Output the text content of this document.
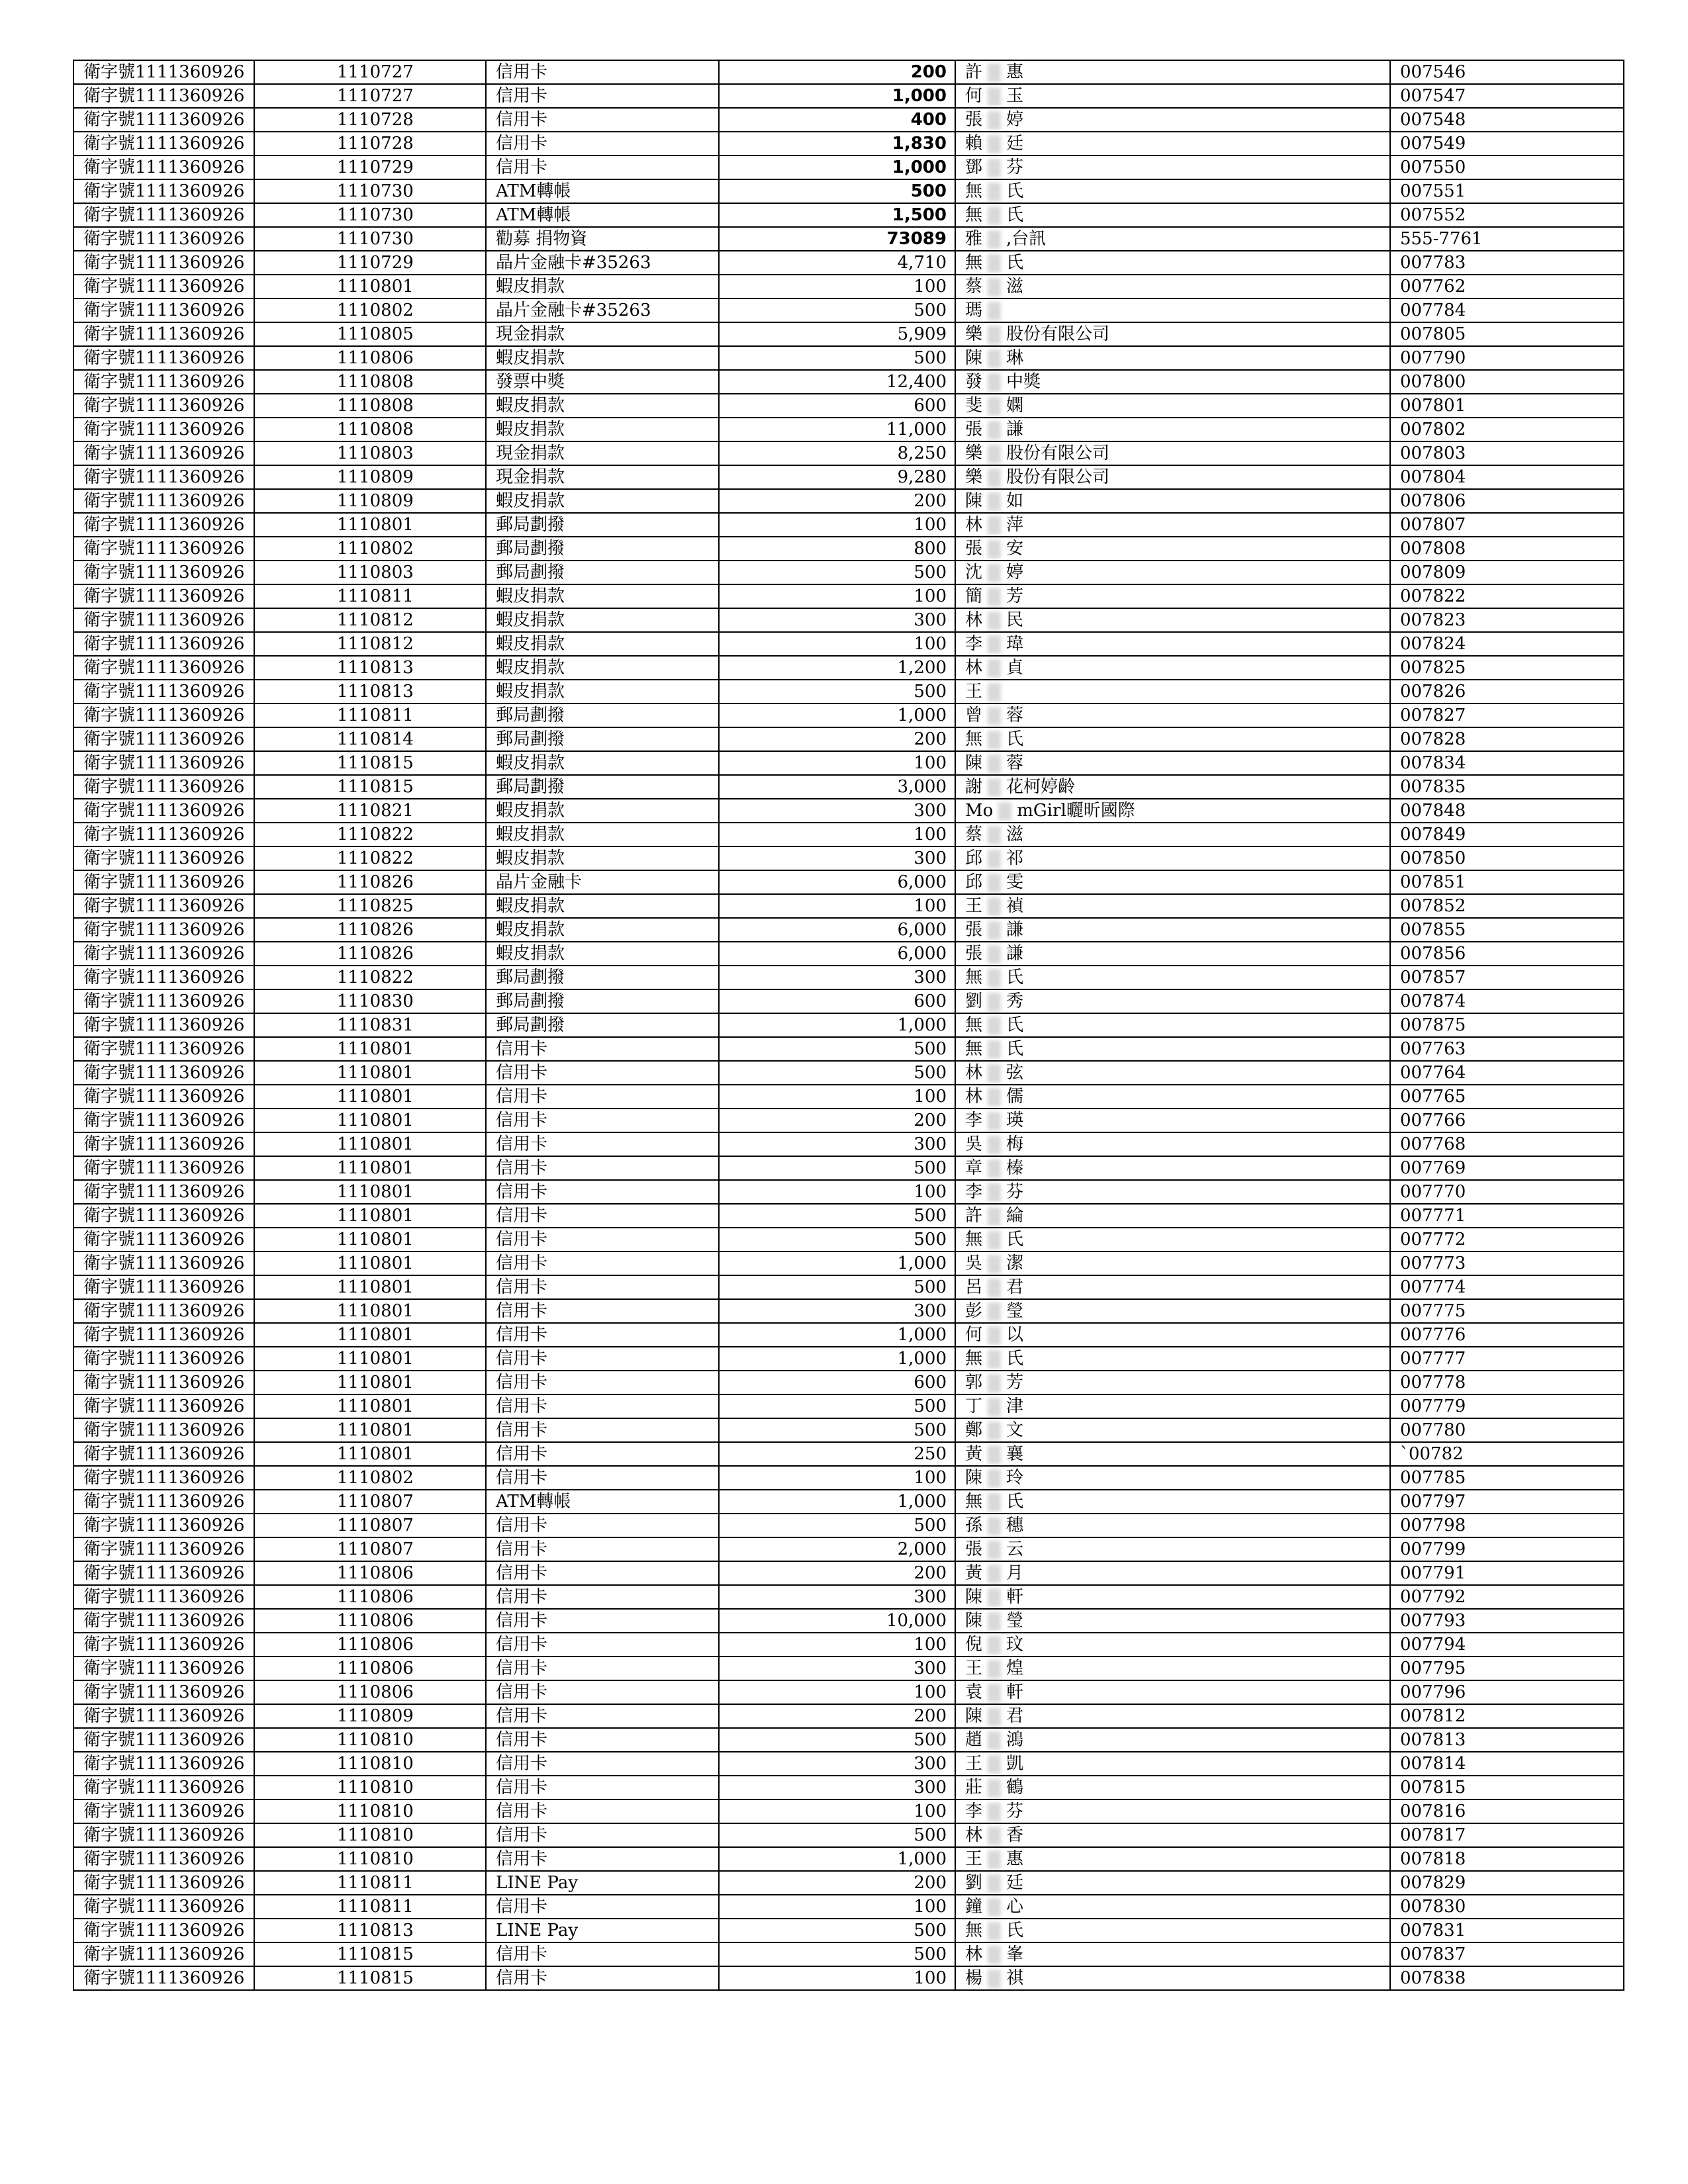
衛字號1111360926	1110727	信用卡	200	許 惠	007546
衛字號1111360926	1110727	信用卡	1,000	何 玉	007547
衛字號1111360926	1110728	信用卡	400	張 婷	007548
衛字號1111360926	1110728	信用卡	1,830	賴 廷	007549
衛字號1111360926	1110729	信用卡	1,000	鄧 芬	007550
衛字號1111360926	1110730	ATM轉帳	500	無 氏	007551
衛字號1111360926	1110730	ATM轉帳	1,500	無 氏	007552
衛字號1111360926	1110730	勸募 捐物資	73089	雅 ,台訊	555-7761
衛字號1111360926	1110729	晶片金融卡#35263	4,710	無 氏	007783
衛字號1111360926	1110801	蝦皮捐款	100	蔡 滋	007762
衛字號1111360926	1110802	晶片金融卡#35263	500	瑪	007784
衛字號1111360926	1110805	現金捐款	5,909	樂 股份有限公司	007805
衛字號1111360926	1110806	蝦皮捐款	500	陳 琳	007790
衛字號1111360926	1110808	發票中獎	12,400	發 中獎	007800
衛字號1111360926	1110808	蝦皮捐款	600	斐 嫻	007801
衛字號1111360926	1110808	蝦皮捐款	11,000	張 謙	007802
衛字號1111360926	1110803	現金捐款	8,250	樂 股份有限公司	007803
衛字號1111360926	1110809	現金捐款	9,280	樂 股份有限公司	007804
衛字號1111360926	1110809	蝦皮捐款	200	陳 如	007806
衛字號1111360926	1110801	郵局劃撥	100	林 萍	007807
衛字號1111360926	1110802	郵局劃撥	800	張 安	007808
衛字號1111360926	1110803	郵局劃撥	500	沈 婷	007809
衛字號1111360926	1110811	蝦皮捐款	100	簡 芳	007822
衛字號1111360926	1110812	蝦皮捐款	300	林 民	007823
衛字號1111360926	1110812	蝦皮捐款	100	李 瑋	007824
衛字號1111360926	1110813	蝦皮捐款	1,200	林 貞	007825
衛字號1111360926	1110813	蝦皮捐款	500	王	007826
衛字號1111360926	1110811	郵局劃撥	1,000	曾 蓉	007827
衛字號1111360926	1110814	郵局劃撥	200	無 氏	007828
衛字號1111360926	1110815	蝦皮捐款	100	陳 蓉	007834
衛字號1111360926	1110815	郵局劃撥	3,000	謝 花柯婷齡	007835
衛字號1111360926	1110821	蝦皮捐款	300	Mo mGirl曬昕國際	007848
衛字號1111360926	1110822	蝦皮捐款	100	蔡 滋	007849
衛字號1111360926	1110822	蝦皮捐款	300	邱 祁	007850
衛字號1111360926	1110826	晶片金融卡	6,000	邱 雯	007851
衛字號1111360926	1110825	蝦皮捐款	100	王 禎	007852
衛字號1111360926	1110826	蝦皮捐款	6,000	張 謙	007855
衛字號1111360926	1110826	蝦皮捐款	6,000	張 謙	007856
衛字號1111360926	1110822	郵局劃撥	300	無 氏	007857
衛字號1111360926	1110830	郵局劃撥	600	劉 秀	007874
衛字號1111360926	1110831	郵局劃撥	1,000	無 氏	007875
衛字號1111360926	1110801	信用卡	500	無 氏	007763
衛字號1111360926	1110801	信用卡	500	林 弦	007764
衛字號1111360926	1110801	信用卡	100	林 儒	007765
衛字號1111360926	1110801	信用卡	200	李 瑛	007766
衛字號1111360926	1110801	信用卡	300	吳 梅	007768
衛字號1111360926	1110801	信用卡	500	章 榛	007769
衛字號1111360926	1110801	信用卡	100	李 芬	007770
衛字號1111360926	1110801	信用卡	500	許 綸	007771
衛字號1111360926	1110801	信用卡	500	無 氏	007772
衛字號1111360926	1110801	信用卡	1,000	吳 潔	007773
衛字號1111360926	1110801	信用卡	500	呂 君	007774
衛字號1111360926	1110801	信用卡	300	彭 瑩	007775
衛字號1111360926	1110801	信用卡	1,000	何 以	007776
衛字號1111360926	1110801	信用卡	1,000	無 氏	007777
衛字號1111360926	1110801	信用卡	600	郭 芳	007778
衛字號1111360926	1110801	信用卡	500	丁 津	007779
衛字號1111360926	1110801	信用卡	500	鄭 文	007780
衛字號1111360926	1110801	信用卡	250	黃 襄	`00782
衛字號1111360926	1110802	信用卡	100	陳 玲	007785
衛字號1111360926	1110807	ATM轉帳	1,000	無 氏	007797
衛字號1111360926	1110807	信用卡	500	孫 穗	007798
衛字號1111360926	1110807	信用卡	2,000	張 云	007799
衛字號1111360926	1110806	信用卡	200	黃 月	007791
衛字號1111360926	1110806	信用卡	300	陳 軒	007792
衛字號1111360926	1110806	信用卡	10,000	陳 瑩	007793
衛字號1111360926	1110806	信用卡	100	倪 玟	007794
衛字號1111360926	1110806	信用卡	300	王 煌	007795
衛字號1111360926	1110806	信用卡	100	袁 軒	007796
衛字號1111360926	1110809	信用卡	200	陳 君	007812
衛字號1111360926	1110810	信用卡	500	趙 鴻	007813
衛字號1111360926	1110810	信用卡	300	王 凱	007814
衛字號1111360926	1110810	信用卡	300	莊 鶴	007815
衛字號1111360926	1110810	信用卡	100	李 芬	007816
衛字號1111360926	1110810	信用卡	500	林 香	007817
衛字號1111360926	1110810	信用卡	1,000	王 惠	007818
衛字號1111360926	1110811	LINE Pay	200	劉 廷	007829
衛字號1111360926	1110811	信用卡	100	鐘 心	007830
衛字號1111360926	1110813	LINE Pay	500	無 氏	007831
衛字號1111360926	1110815	信用卡	500	林 峯	007837
衛字號1111360926	1110815	信用卡	100	楊 祺	007838
